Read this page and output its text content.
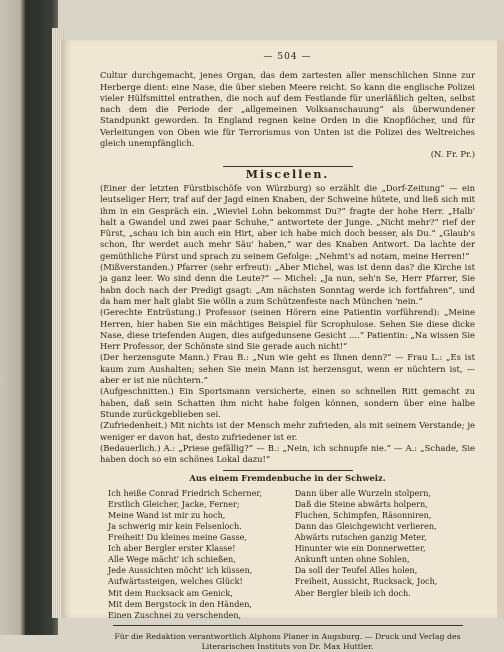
— 504 —
Cultur durchgemacht, jenes Organ, das dem zartesten aller menschlichen Sinne zur Herberge dient: eine Nase, die über sieben Meere reicht. So kann die englische Polizei vieler Hülfsmittel entrathen, die noch auf dem Festlande für unerläßlich gelten, selbst nach dem die Periode der „allgemeinen Volksanschauung“ als überwundener Standpunkt geworden. In England regnen keine Orden in die Knopflöcher, und für Verleitungen von Oben wie für Terrorismus von Unten ist die Polizei des Weltreiches gleich unempfänglich.
(N. Fr. Pr.)
Miscellen.

(Einer der letzten Fürstbischöfe von Würzburg) so erzählt die „Dorf-Zeitung“ — ein leutseliger Herr, traf auf der Jagd einen Knaben, der Schweine hütete, und ließ sich mit ihm in ein Gespräch ein. „Wieviel Lohn bekommst Du?“ fragte der hohe Herr. „Halb' halt a Gwandel und zwei paar Schuhe,“ antwortete der Junge. „Nicht mehr?“ rief der Fürst, „schau ich bin auch ein Hirt, aber ich habe mich doch besser, als Du.“ „Glaub's schon, Ihr werdet auch mehr Säu' haben,“ war des Knaben Antwort. Da lachte der gemüthliche Fürst und sprach zu seinem Gefolge: „Nehmt's ad notam, meine Herren!“

(Mißverstanden.) Pfarrer (sehr erfreut): „Aber Michel, was ist denn das? die Kirche ist ja ganz leer. Wo sind denn die Leute?“ — Michel: „Ja nun, seh'n Se, Herr Pfarrer, Sie habn doch nach der Predigt gsagt: „Am nächsten Sonntag werde ich fortfahren“, und da ham mer halt glabt Sie wölln a zum Schützenfeste nach München 'nein.“

(Gerechte Entrüstung.) Professor (seinen Hörern eine Patientin vorführend): „Meine Herren, hier haben Sie ein mächtiges Beispiel für Scrophulose. Sehen Sie diese dicke Nase, diese triefenden Augen, dies aufgedunsene Gesicht ....“ Patientin: „Na wissen Sie Herr Professor, der Schönste sind Sie gerade auch nicht!“

(Der herzensgute Mann.) Frau B.: „Nun wie geht es Ihnen denn?“ — Frau L.: „Es ist kaum zum Aushalten; sehen Sie mein Mann ist herzensgut, wenn er nüchtern ist, — aber er ist nie nüchtern.“

(Aufgeschnitten.) Ein Sportsmann versicherte, einen so schnellen Ritt gemacht zu haben, daß sein Schatten ihm nicht habe folgen können, sondern über eine halbe Stunde zurückgeblieben sei.

(Zufriedenheit.) Mit nichts ist der Mensch mehr zufrieden, als mit seinem Verstande; je weniger er davon hat, desto zufriedener ist er.

(Bedauerlich.) A.: „Priese gefällig?“ — B.: „Nein, ich schnupfe nie.“ — A.: „Schade, Sie haben doch so ein schönes Lokal dazu!“

Aus einem Fremdenbuche in der Schweiz.
Ich heiße Conrad Friedrich Scherner,
Erstlich Gleicher, Jacke, Ferner;
Meine Wand ist mir zu hoch,
Ja schwerig mir kein Felsenloch.
Freiheit! Du kleines meine Gasse,
Ich aber Bergler erster Klasse!
Alle Wege mächt' ich schießen,
Jede Aussichten möcht' ich küssen,
Aufwärtssteigen, welches Glück!
Mit dem Rucksack am Genick,
Mit dem Bergstock in den Händen,
Einen Zuschnei zu verschenden,
Dann über alle Wurzeln stolpern,
Daß die Steine abwärts holpern,
Fluchen, Schimpfen, Räsonniren,
Dann das Gleichgewicht verlieren,
Abwärts rutschen ganzig Meter,
Hinunter wie ein Donnerwetter,
Ankunft unten ohne Sohlen,
Da soll der Teufel Alles holen,
Freiheit, Aussicht, Rucksack, Joch,
Aber Bergler bleib ich doch.
Für die Redaktion verantwortlich Alphons Planer in Augsburg. — Druck und Verlag des Literarischen Instituts von Dr. Max Huttler.
